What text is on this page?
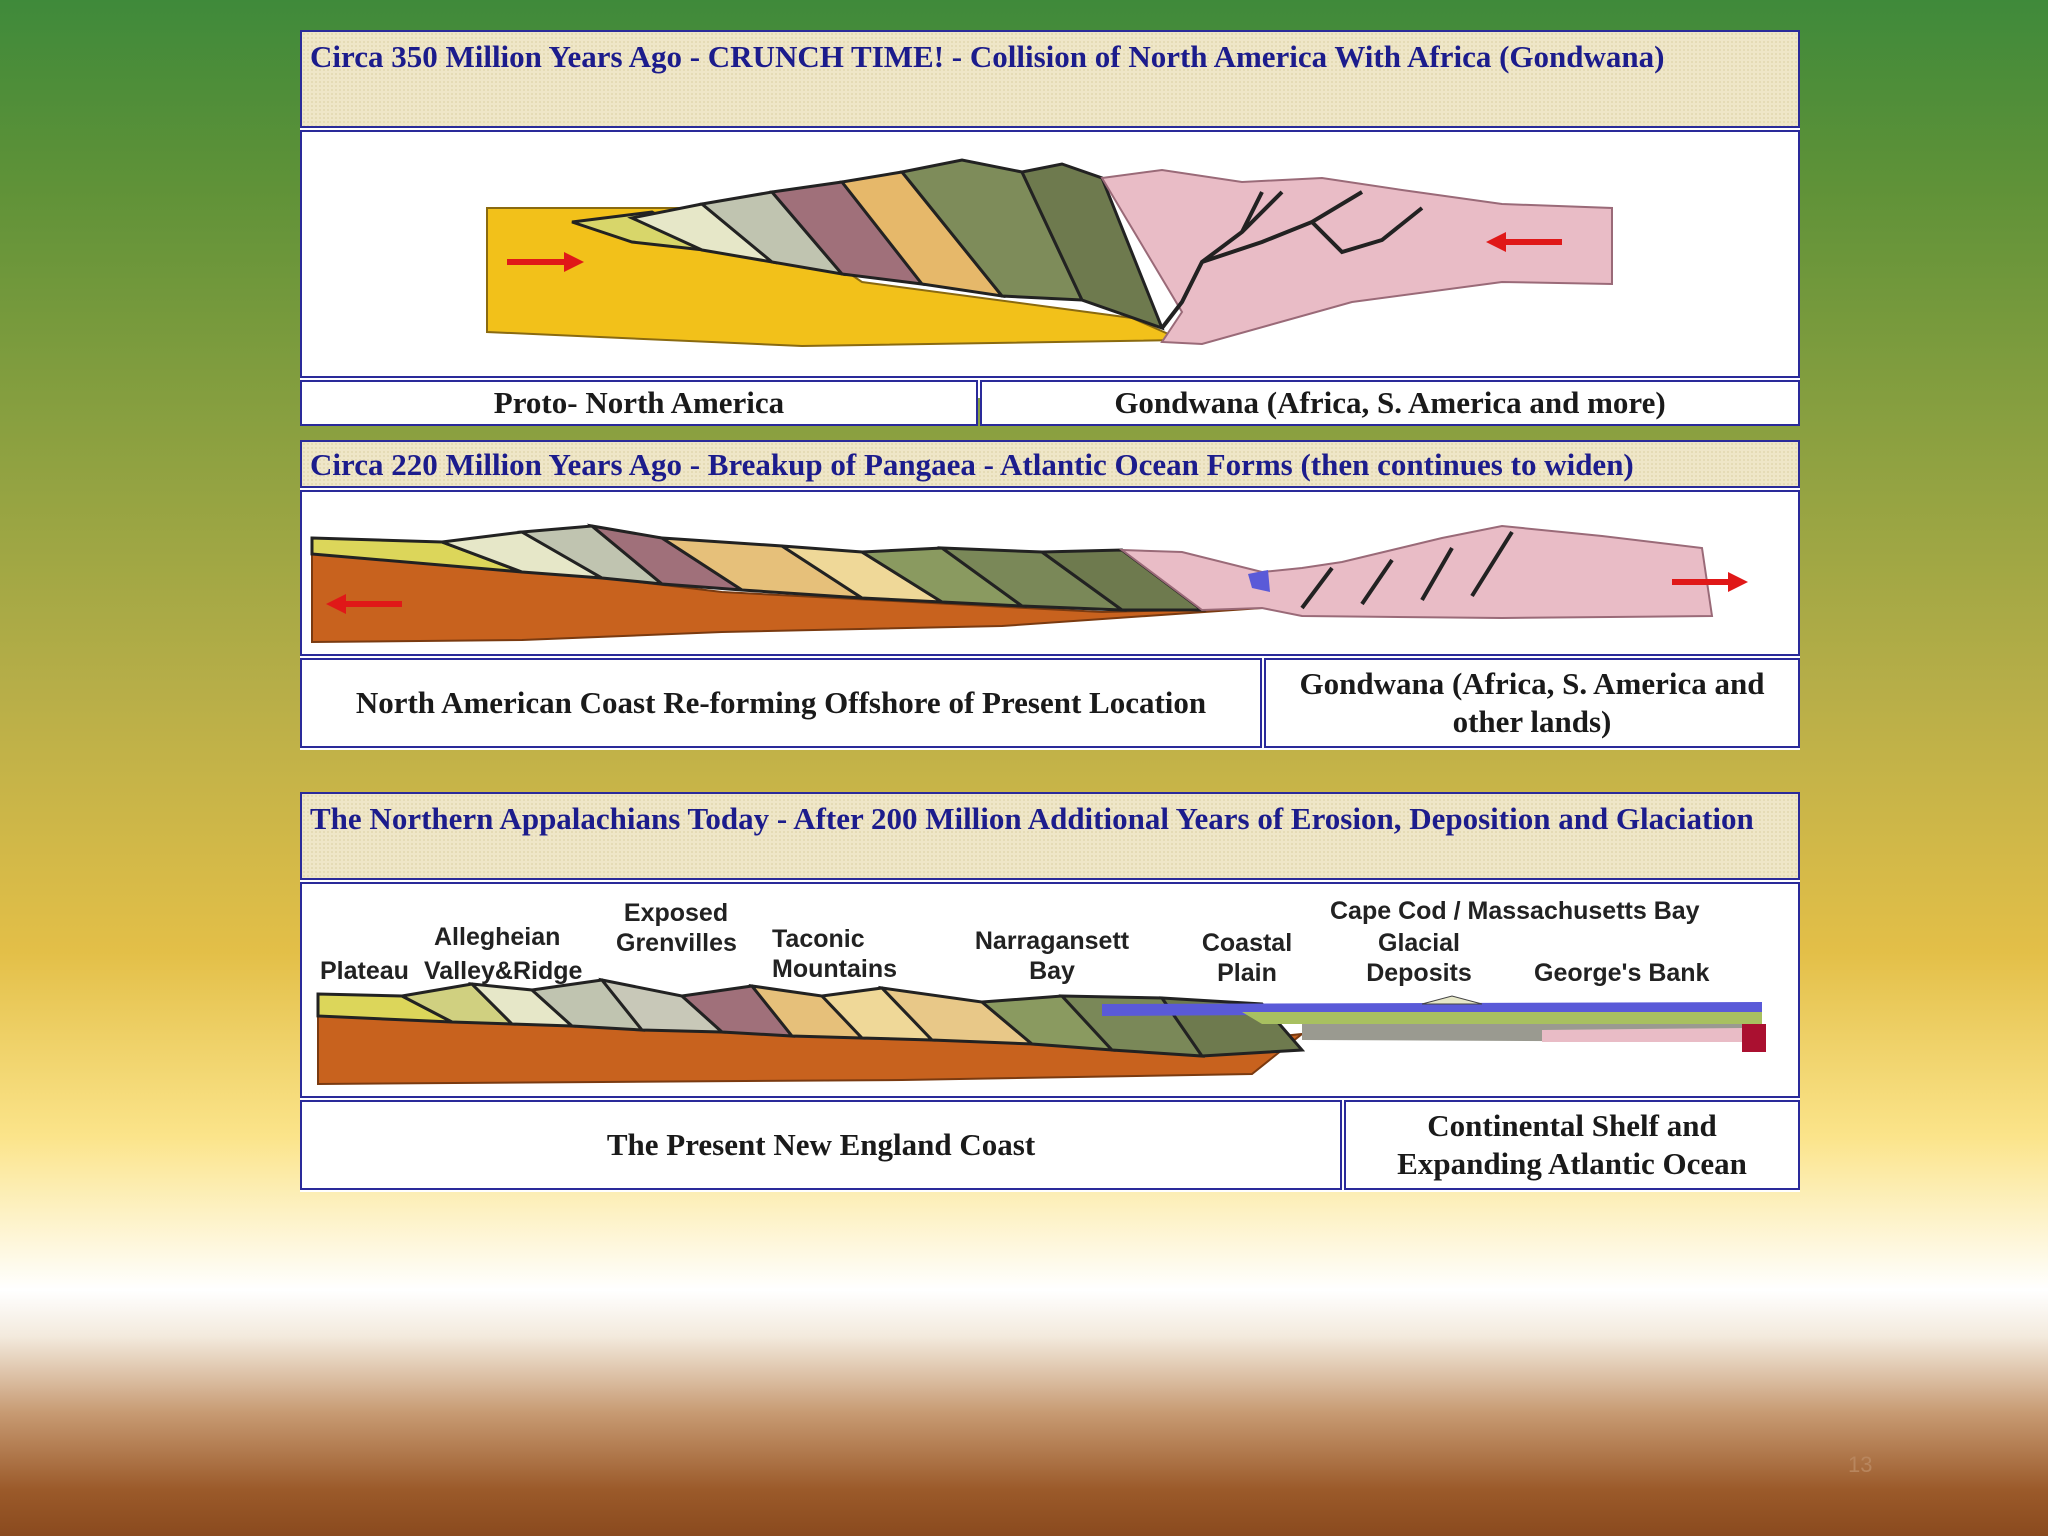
Circa 350 Million Years Ago - CRUNCH TIME! - Collision of North America With Africa (Gondwana)
Proto- North America	Gondwana (Africa, S. America and more)
Circa 220 Million Years Ago - Breakup of Pangaea - Atlantic Ocean Forms (then continues to widen)
North American Coast Re-forming Offshore of Present Location
Gondwana (Africa, S. America and other lands)
The Northern Appalachians Today - After 200 Million Additional Years of Erosion, Deposition and Glaciation
Plateau Valley&Ridge
Allegheian
Exposed Grenvilles Taconic Mountains
Narragansett Bay
Coastal Plain
Cape Cod / Massachusetts Bay
Glacial Deposits	George's Bank
The Present New England Coast
Continental Shelf and Expanding Atlantic Ocean
13
